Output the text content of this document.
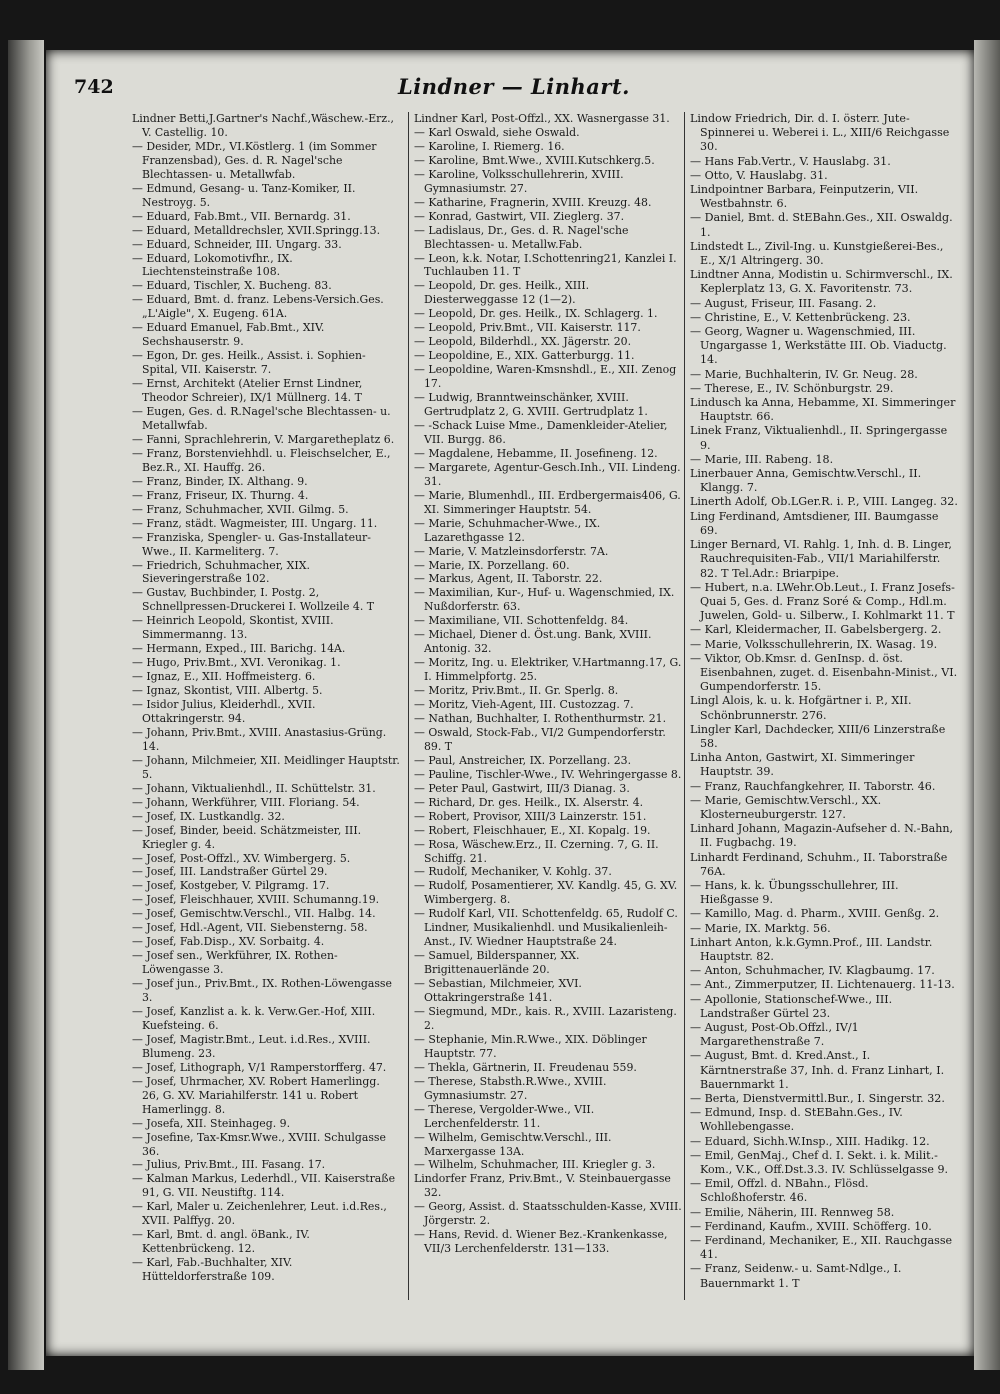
742	Lindner — Linhart.

Lindner Betti,J.Gartner's Nachf.,Wäschew.-Erz., V. Castellig. 10.

— Desider, MDr., VI.Köstlerg. 1 (im Sommer Franzensbad), Ges. d. R. Nagel'sche Blechtassen- u. Metallwfab.

— Edmund, Gesang- u. Tanz-Komiker, II. Nestroyg. 5.

— Eduard, Fab.Bmt., VII. Bernardg. 31.

— Eduard, Metalldrechsler, XVII.Springg.13.

— Eduard, Schneider, III. Ungarg. 33.

— Eduard, Lokomotivfhr., IX. Liechtensteinstraße 108.

— Eduard, Tischler, X. Bucheng. 83.

— Eduard, Bmt. d. franz. Lebens-Versich.Ges. „L'Aigle", X. Eugeng. 61A.

— Eduard Emanuel, Fab.Bmt., XIV. Sechshauserstr. 9.

— Egon, Dr. ges. Heilk., Assist. i. Sophien-Spital, VII. Kaiserstr. 7.

— Ernst, Architekt (Atelier Ernst Lindner, Theodor Schreier), IX/1 Müllnerg. 14. T

— Eugen, Ges. d. R.Nagel'sche Blechtassen- u. Metallwfab.

— Fanni, Sprachlehrerin, V. Margaretheplatz 6.

— Franz, Borstenviehhdl. u. Fleischselcher, E., Bez.R., XI. Hauffg. 26.

— Franz, Binder, IX. Althang. 9.

— Franz, Friseur, IX. Thurng. 4.

— Franz, Schuhmacher, XVII. Gilmg. 5.

— Franz, städt. Wagmeister, III. Ungarg. 11.

— Franziska, Spengler- u. Gas-Installateur-Wwe., II. Karmeliterg. 7.

— Friedrich, Schuhmacher, XIX. Sieveringerstraße 102.

— Gustav, Buchbinder, I. Postg. 2, Schnellpressen-Druckerei I. Wollzeile 4. T

— Heinrich Leopold, Skontist, XVIII. Simmermanng. 13.

— Hermann, Exped., III. Barichg. 14A.

— Hugo, Priv.Bmt., XVI. Veronikag. 1.

— Ignaz, E., XII. Hoffmeisterg. 6.

— Ignaz, Skontist, VIII. Albertg. 5.

— Isidor Julius, Kleiderhdl., XVII. Ottakringerstr. 94.

— Johann, Priv.Bmt., XVIII. Anastasius-Grüng. 14.

— Johann, Milchmeier, XII. Meidlinger Hauptstr. 5.

— Johann, Viktualienhdl., II. Schüttelstr. 31.

— Johann, Werkführer, VIII. Floriang. 54.

— Josef, IX. Lustkandlg. 32.

— Josef, Binder, beeid. Schätzmeister, III. Kriegler g. 4.

— Josef, Post-Offzl., XV. Wimbergerg. 5.

— Josef, III. Landstraßer Gürtel 29.

— Josef, Kostgeber, V. Pilgramg. 17.

— Josef, Fleischhauer, XVIII. Schumanng.19.

— Josef, Gemischtw.Verschl., VII. Halbg. 14.

— Josef, Hdl.-Agent, VII. Siebensterng. 58.

— Josef, Fab.Disp., XV. Sorbaitg. 4.

— Josef sen., Werkführer, IX. Rothen-Löwengasse 3.

— Josef jun., Priv.Bmt., IX. Rothen-Löwengasse 3.

— Josef, Kanzlist a. k. k. Verw.Ger.-Hof, XIII. Kuefsteing. 6.

— Josef, Magistr.Bmt., Leut. i.d.Res., XVIII. Blumeng. 23.

— Josef, Lithograph, V/1 Ramperstorfferg. 47.

— Josef, Uhrmacher, XV. Robert Hamerlingg. 26, G. XV. Mariahilferstr. 141 u. Robert Hamerlingg. 8.

— Josefa, XII. Steinhageg. 9.

— Josefine, Tax-Kmsr.Wwe., XVIII. Schulgasse 36.

— Julius, Priv.Bmt., III. Fasang. 17.

— Kalman Markus, Lederhdl., VII. Kaiserstraße 91, G. VII. Neustiftg. 114.

— Karl, Maler u. Zeichenlehrer, Leut. i.d.Res., XVII. Palffyg. 20.

— Karl, Bmt. d. angl. öBank., IV. Kettenbrückeng. 12.

— Karl, Fab.-Buchhalter, XIV. Hütteldorferstraße 109.

Lindner Karl, Post-Offzl., XX. Wasnergasse 31.

— Karl Oswald, siehe Oswald.

— Karoline, I. Riemerg. 16.

— Karoline, Bmt.Wwe., XVIII.Kutschkerg.5.

— Karoline, Volksschullehrerin, XVIII. Gymnasiumstr. 27.

— Katharine, Fragnerin, XVIII. Kreuzg. 48.

— Konrad, Gastwirt, VII. Zieglerg. 37.

— Ladislaus, Dr., Ges. d. R. Nagel'sche Blechtassen- u. Metallw.Fab.

— Leon, k.k. Notar, I.Schottenring21, Kanzlei I. Tuchlauben 11. T

— Leopold, Dr. ges. Heilk., XIII. Diesterweggasse 12 (1—2).

— Leopold, Dr. ges. Heilk., IX. Schlagerg. 1.

— Leopold, Priv.Bmt., VII. Kaiserstr. 117.

— Leopold, Bilderhdl., XX. Jägerstr. 20.

— Leopoldine, E., XIX. Gatterburgg. 11.

— Leopoldine, Waren-Kmsnshdl., E., XII. Zenog 17.

— Ludwig, Branntweinschänker, XVIII. Gertrudplatz 2, G. XVIII. Gertrudplatz 1.

— -Schack Luise Mme., Damenkleider-Atelier, VII. Burgg. 86.

— Magdalene, Hebamme, II. Josefineng. 12.

— Margarete, Agentur-Gesch.Inh., VII. Lindeng. 31.

— Marie, Blumenhdl., III. Erdbergermais406, G. XI. Simmeringer Hauptstr. 54.

— Marie, Schuhmacher-Wwe., IX. Lazarethgasse 12.

— Marie, V. Matzleinsdorferstr. 7A.

— Marie, IX. Porzellang. 60.

— Markus, Agent, II. Taborstr. 22.

— Maximilian, Kur-, Huf- u. Wagenschmied, IX. Nußdorferstr. 63.

— Maximiliane, VII. Schottenfeldg. 84.

— Michael, Diener d. Öst.ung. Bank, XVIII. Antonig. 32.

— Moritz, Ing. u. Elektriker, V.Hartmanng.17, G. I. Himmelpfortg. 25.

— Moritz, Priv.Bmt., II. Gr. Sperlg. 8.

— Moritz, Vieh-Agent, III. Custozzag. 7.

— Nathan, Buchhalter, I. Rothenthurmstr. 21.

— Oswald, Stock-Fab., VI/2 Gumpendorferstr. 89. T

— Paul, Anstreicher, IX. Porzellang. 23.

— Pauline, Tischler-Wwe., IV. Wehringergasse 8.

— Peter Paul, Gastwirt, III/3 Dianag. 3.

— Richard, Dr. ges. Heilk., IX. Alserstr. 4.

— Robert, Provisor, XIII/3 Lainzerstr. 151.

— Robert, Fleischhauer, E., XI. Kopalg. 19.

— Rosa, Wäschew.Erz., II. Czerning. 7, G. II. Schiffg. 21.

— Rudolf, Mechaniker, V. Kohlg. 37.

— Rudolf, Posamentierer, XV. Kandlg. 45, G. XV. Wimbergerg. 8.

— Rudolf Karl, VII. Schottenfeldg. 65, Rudolf C. Lindner, Musikalienhdl. und Musikalienleih-Anst., IV. Wiedner Hauptstraße 24.

— Samuel, Bilderspanner, XX. Brigittenauerlände 20.

— Sebastian, Milchmeier, XVI. Ottakringerstraße 141.

— Siegmund, MDr., kais. R., XVIII. Lazaristeng. 2.

— Stephanie, Min.R.Wwe., XIX. Döblinger Hauptstr. 77.

— Thekla, Gärtnerin, II. Freudenau 559.

— Therese, Stabsth.R.Wwe., XVIII. Gymnasiumstr. 27.

— Therese, Vergolder-Wwe., VII. Lerchenfelderstr. 11.

— Wilhelm, Gemischtw.Verschl., III. Marxergasse 13A.

— Wilhelm, Schuhmacher, III. Kriegler g. 3.

Lindorfer Franz, Priv.Bmt., V. Steinbauergasse 32.

— Georg, Assist. d. Staatsschulden-Kasse, XVIII. Jörgerstr. 2.

— Hans, Revid. d. Wiener Bez.-Krankenkasse, VII/3 Lerchenfelderstr. 131—133.

Lindow Friedrich, Dir. d. I. österr. Jute-Spinnerei u. Weberei i. L., XIII/6 Reichgasse 30.

— Hans Fab.Vertr., V. Hauslabg. 31.

— Otto, V. Hauslabg. 31.

Lindpointner Barbara, Feinputzerin, VII. Westbahnstr. 6.

— Daniel, Bmt. d. StEBahn.Ges., XII. Oswaldg. 1.

Lindstedt L., Zivil-Ing. u. Kunstgießerei-Bes., E., X/1 Altringerg. 30.

Lindtner Anna, Modistin u. Schirmverschl., IX. Keplerplatz 13, G. X. Favoritenstr. 73.

— August, Friseur, III. Fasang. 2.

— Christine, E., V. Kettenbrückeng. 23.

— Georg, Wagner u. Wagenschmied, III. Ungargasse 1, Werkstätte III. Ob. Viaductg. 14.

— Marie, Buchhalterin, IV. Gr. Neug. 28.

— Therese, E., IV. Schönburgstr. 29.

Lindusch ka Anna, Hebamme, XI. Simmeringer Hauptstr. 66.

Linek Franz, Viktualienhdl., II. Springergasse 9.

— Marie, III. Rabeng. 18.

Linerbauer Anna, Gemischtw.Verschl., II. Klangg. 7.

Linerth Adolf, Ob.LGer.R. i. P., VIII. Langeg. 32.

Ling Ferdinand, Amtsdiener, III. Baumgasse 69.

Linger Bernard, VI. Rahlg. 1, Inh. d. B. Linger, Rauchrequisiten-Fab., VII/1 Mariahilferstr. 82. T Tel.Adr.: Briarpipe.

— Hubert, n.a. LWehr.Ob.Leut., I. Franz Josefs-Quai 5, Ges. d. Franz Soré & Comp., Hdl.m. Juwelen, Gold- u. Silberw., I. Kohlmarkt 11. T

— Karl, Kleidermacher, II. Gabelsbergerg. 2.

— Marie, Volksschullehrerin, IX. Wasag. 19.

— Viktor, Ob.Kmsr. d. GenInsp. d. öst. Eisenbahnen, zuget. d. Eisenbahn-Minist., VI. Gumpendorferstr. 15.

Lingl Alois, k. u. k. Hofgärtner i. P., XII. Schönbrunnerstr. 276.

Lingler Karl, Dachdecker, XIII/6 Linzerstraße 58.

Linha Anton, Gastwirt, XI. Simmeringer Hauptstr. 39.

— Franz, Rauchfangkehrer, II. Taborstr. 46.

— Marie, Gemischtw.Verschl., XX. Klosterneuburgerstr. 127.

Linhard Johann, Magazin-Aufseher d. N.-Bahn, II. Fugbachg. 19.

Linhardt Ferdinand, Schuhm., II. Taborstraße 76A.

— Hans, k. k. Übungsschullehrer, III. Hießgasse 9.

— Kamillo, Mag. d. Pharm., XVIII. Genßg. 2.

— Marie, IX. Marktg. 56.

Linhart Anton, k.k.Gymn.Prof., III. Landstr. Hauptstr. 82.

— Anton, Schuhmacher, IV. Klagbaumg. 17.

— Ant., Zimmerputzer, II. Lichtenauerg. 11-13.

— Apollonie, Stationschef-Wwe., III. Landstraßer Gürtel 23.

— August, Post-Ob.Offzl., IV/1 Margarethenstraße 7.

— August, Bmt. d. Kred.Anst., I. Kärntnerstraße 37, Inh. d. Franz Linhart, I. Bauernmarkt 1.

— Berta, Dienstvermittl.Bur., I. Singerstr. 32.

— Edmund, Insp. d. StEBahn.Ges., IV. Wohllebengasse.

— Eduard, Sichh.W.Insp., XIII. Hadikg. 12.

— Emil, GenMaj., Chef d. I. Sekt. i. k. Milit.-Kom., V.K., Off.Dst.3.3. IV. Schlüsselgasse 9.

— Emil, Offzl. d. NBahn., Flösd. Schloßhoferstr. 46.

— Emilie, Näherin, III. Rennweg 58.

— Ferdinand, Kaufm., XVIII. Schöfferg. 10.

— Ferdinand, Mechaniker, E., XII. Rauchgasse 41.

— Franz, Seidenw.- u. Samt-Ndlge., I. Bauernmarkt 1. T
